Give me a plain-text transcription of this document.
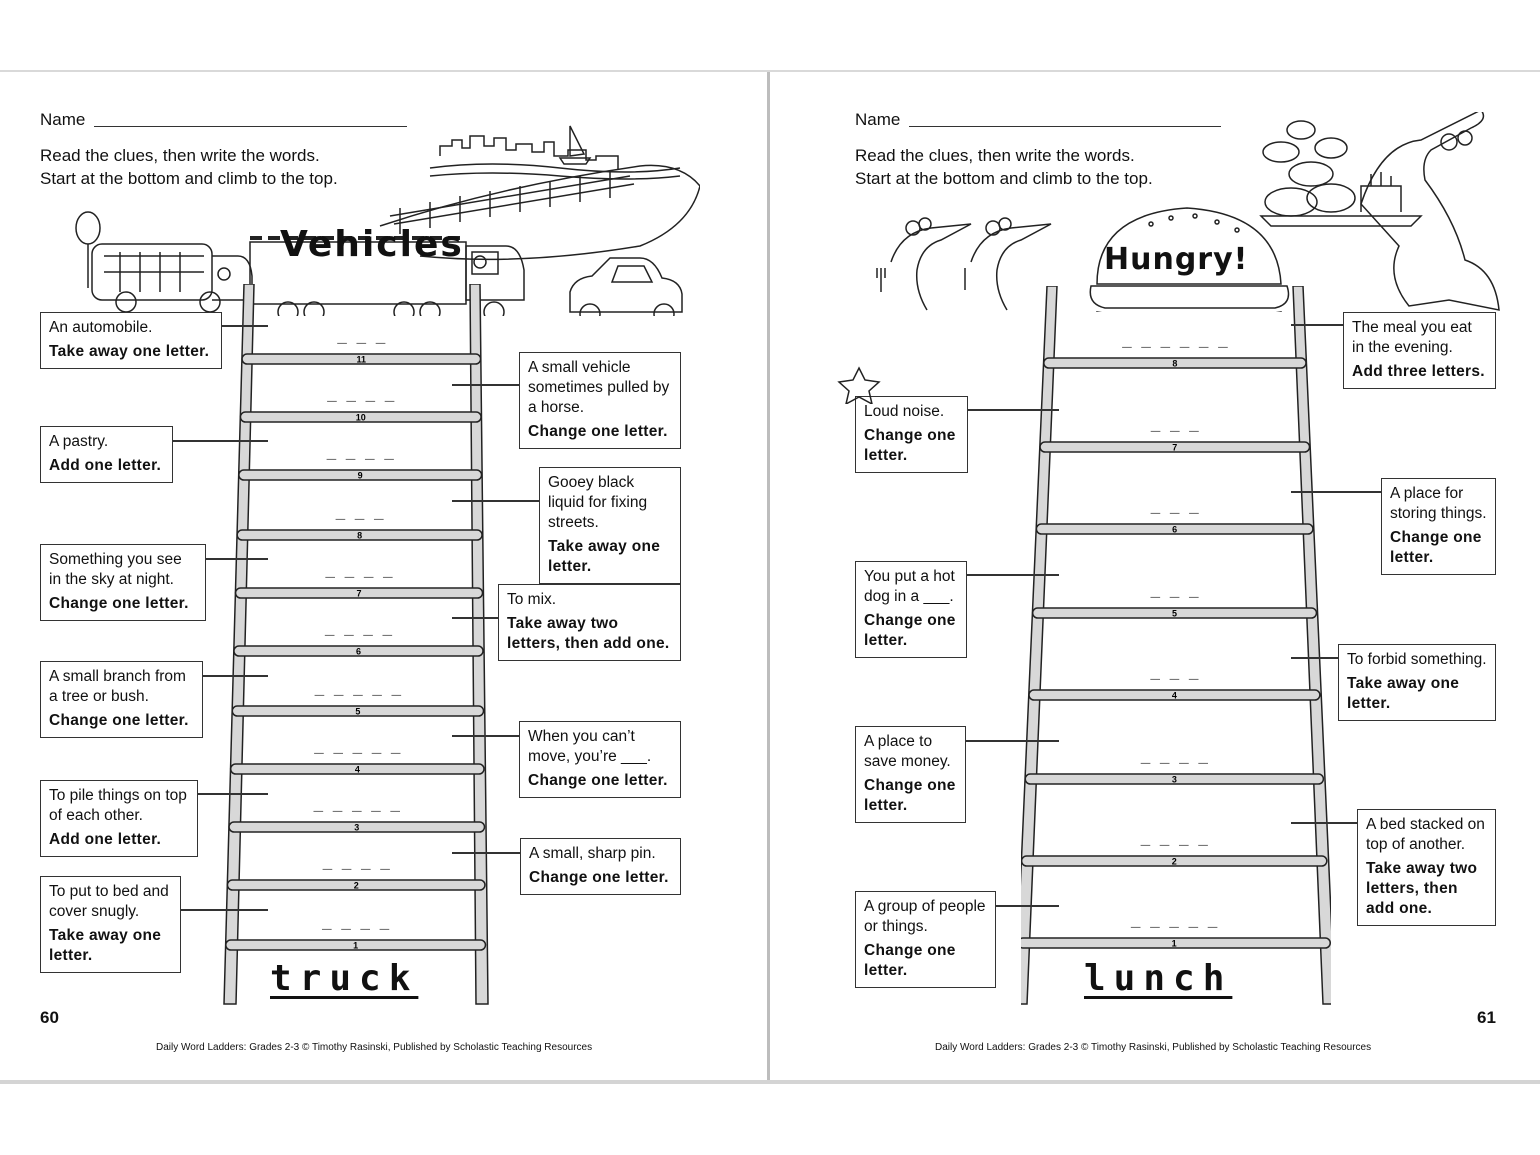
Name
Read the clues, then write the words.
Start at the bottom and climb to the top.
Vehicles
11
_ _ _
10
_ _ _ _
9
_ _ _ _
8
_ _ _
7
_ _ _ _
6
_ _ _ _
5
_ _ _ _ _
4
_ _ _ _ _
3
_ _ _ _ _
2
_ _ _ _
1
_ _ _ _
An automobile.
Take away one letter.
A small vehicle sometimes pulled by a horse.
Change one letter.
A pastry.
Add one letter.
Gooey black liquid for fixing streets.
Take away one letter.
Something you see in the sky at night.
Change one letter.	To mix.
Take away two letters, then add one.
A small branch from a tree or bush.
Change one letter.
When you can’t move, you’re ___.
Change one letter.
To pile things on top of each other.
Add one letter.
A small, sharp pin.
Change one letter.
To put to bed and cover snugly.
Take away one letter.
truck
60
Daily Word Ladders: Grades 2-3 © Timothy Rasinski, Published by Scholastic Teaching Resources
Name
Read the clues, then write the words.
Start at the bottom and climb to the top.
Hungry!
8
_ _ _ _ _ _
7
_ _ _
6
_ _ _
5
_ _ _
4
_ _ _
3
_ _ _ _
2
_ _ _ _
1
_ _ _ _ _
The meal you eat in the evening.
Add three letters.
Loud noise.
Change one letter.
A place for storing things.
Change one letter.
You put a hot dog in a ___.
Change one letter.
To forbid something.
Take away one letter.
A place to save money.
Change one letter.
A bed stacked on top of another.
Take away two letters, then add one.
A group of people or things.
Change one letter.	lunch
61
Daily Word Ladders: Grades 2-3 © Timothy Rasinski, Published by Scholastic Teaching Resources
